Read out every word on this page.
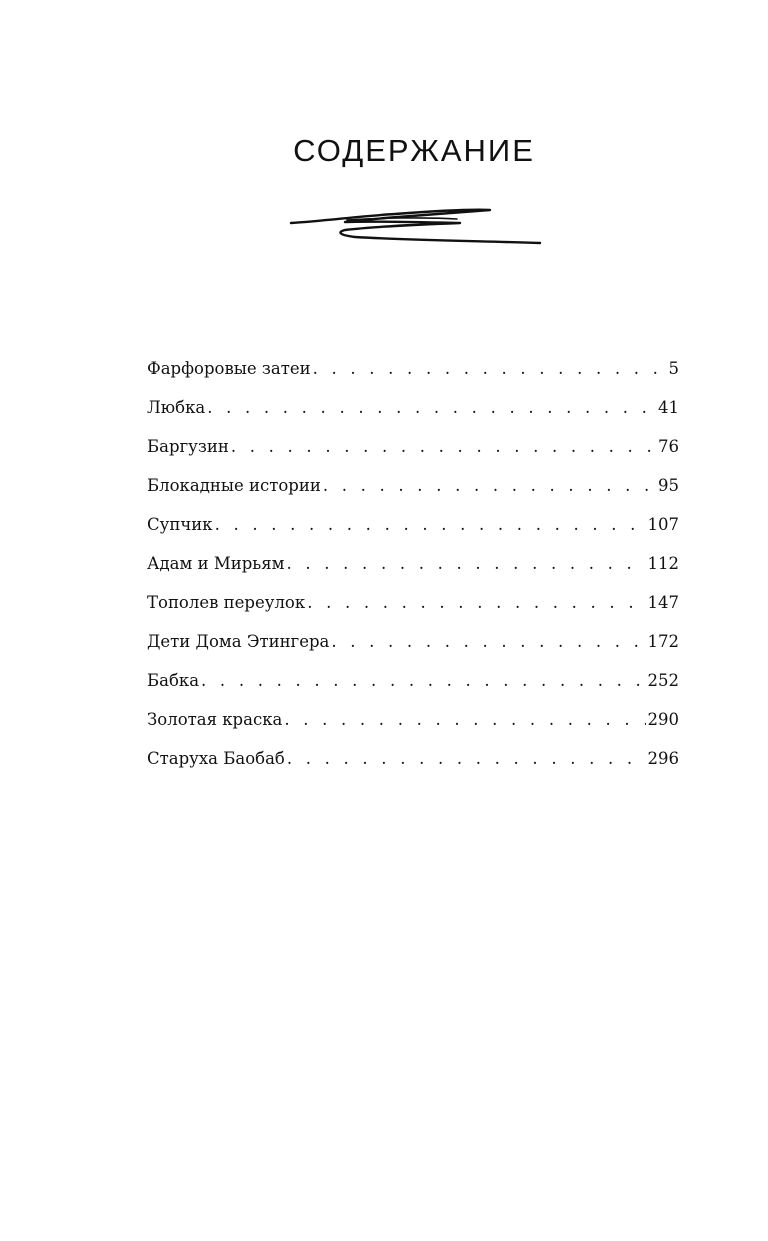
СОДЕРЖАНИЕ
Фарфоровые затеи . . .	5
Любка . . .	41
Баргузин . . .	76
Блокадные истории . . .	95
Супчик . . .	107
Адам и Мирьям . . .	112
Тополев переулок . . .	147
Дети Дома Этингера . . .	172
Бабка . . .	252
Золотая краска . . .	290
Старуха Баобаб . . .	296
